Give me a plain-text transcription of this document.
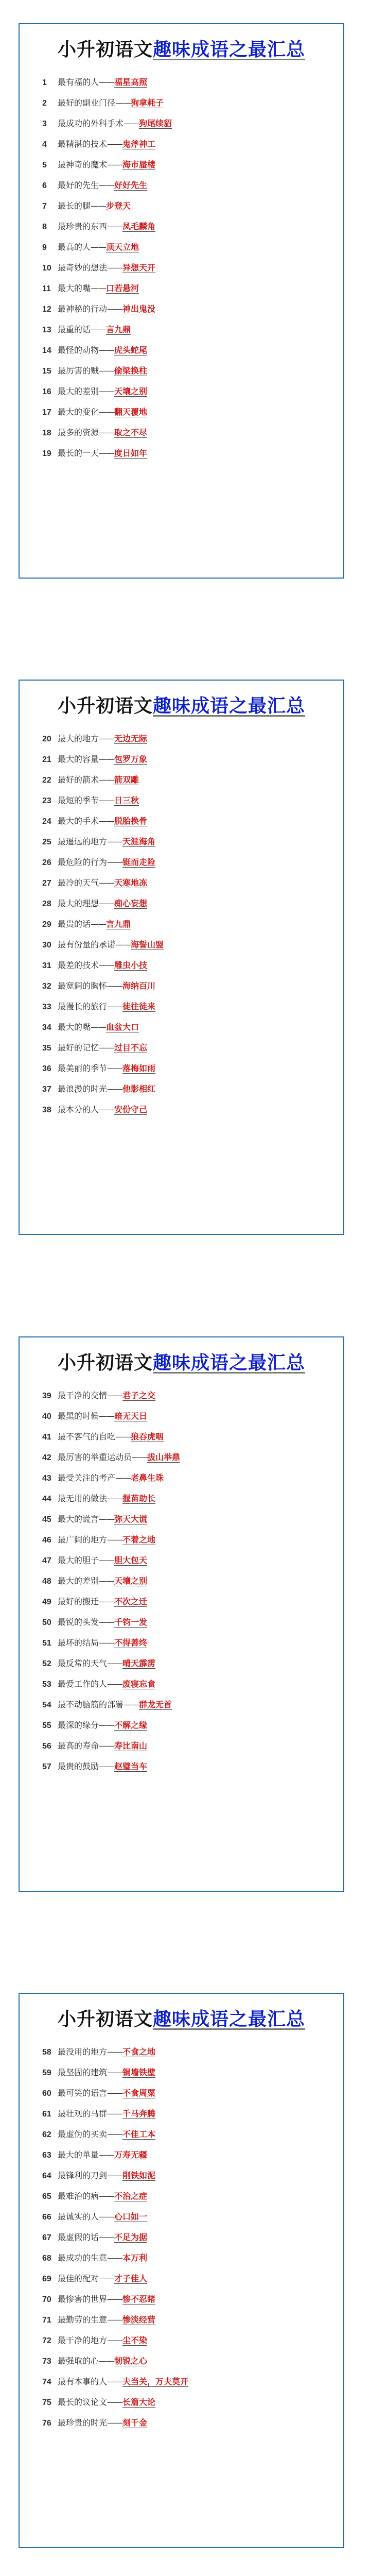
小升初语文趣味成语之最汇总
1 最有福的人——福星高照
2 最好的副业门径——狗拿耗子
3 最成功的外科手术——狗尾续貂
4 最精湛的技术——鬼斧神工
5 最神奇的魔术——海市蜃楼
6 最好的先生——好好先生
7 最长的腿——步登天
8 最珍贵的东西——凤毛麟角
9 最高的人——顶天立地
10 最奇妙的想法——异想天开
11 最大的嘴——口若悬河
12 最神秘的行动——神出鬼没
13 最重的话——言九鼎
14 最怪的动物——虎头蛇尾
15 最厉害的贼——偷梁换柱
16 最大的差别——天壤之别
17 最大的变化——翻天覆地
18 最多的资源——取之不尽
19 最长的一天——度日如年
小升初语文趣味成语之最汇总
20 最大的地方——无边无际
21 最大的容量——包罗万象
22 最好的箭术——箭双雕
23 最短的季节——日三秋
24 最大的手术——脱胎换骨
25 最遥远的地方——天涯海角
26 最危险的行为——铤而走险
27 最冷的天气——天寒地冻
28 最大的理想——痴心妄想
29 最贵的话——言九鼎
30 最有份量的承诺——海誓山盟
31 最差的技术——雕虫小技
32 最宽阔的胸怀——海纳百川
33 最漫长的旅行——徒往徒来
34 最大的嘴——血盆大口
35 最好的记忆——过目不忘
36 最美丽的季节——落梅如雨
37 最浪漫的时光——他影相红
38 最本分的人——安份守己
小升初语文趣味成语之最汇总
39 最干净的交情——君子之交
40 最黑的时候——暗无天日
41 最不客气的自吃——狼吞虎咽
42 最厉害的举重运动员——拔山举鼎
43 最受关注的考产——老鼻生珠
44 最无用的做法——揠苗助长
45 最大的谎言——弥天大谎
46 最广阔的地方——不着之地
47 最大的胆子——胆大包天
48 最大的差别——天壤之别
49 最好的搬迁——不次之迁
50 最锐的头发——千钧一发
51 最坏的结局——不得善终
52 最反常的天气——晴天霹雳
53 最爱工作的人——废寝忘食
54 最不动脑筋的部署——群龙无首
55 最深的缘分——不解之缘
56 最高的寿命——寿比南山
57 最贵的鼓励——赵璧当车
小升初语文趣味成语之最汇总
58 最没用的地方——不食之地
59 最坚固的建筑——铜墙铁壁
60 最可笑的语言——不食周粟
61 最壮观的马群——千马奔腾
62 最虚伪的买卖——不佳工本
63 最大的单量——万寿无疆
64 最锋利的刀剑——削铁如泥
65 最难治的病——不治之症
66 最诚实的人——心口如一
67 最虚假的话——不足为据
68 最成功的生意——本万利
69 最佳的配对——才子佳人
70 最惨害的世界——惨不忍睹
71 最勤劳的生意——惨淡经营
72 最干净的地方——尘不染
73 最强取的心——韧锐之心
74 最有本事的人——夫当关，万夫莫开
75 最长的议论文——长篇大论
76 最珍贵的时光——刻千金
